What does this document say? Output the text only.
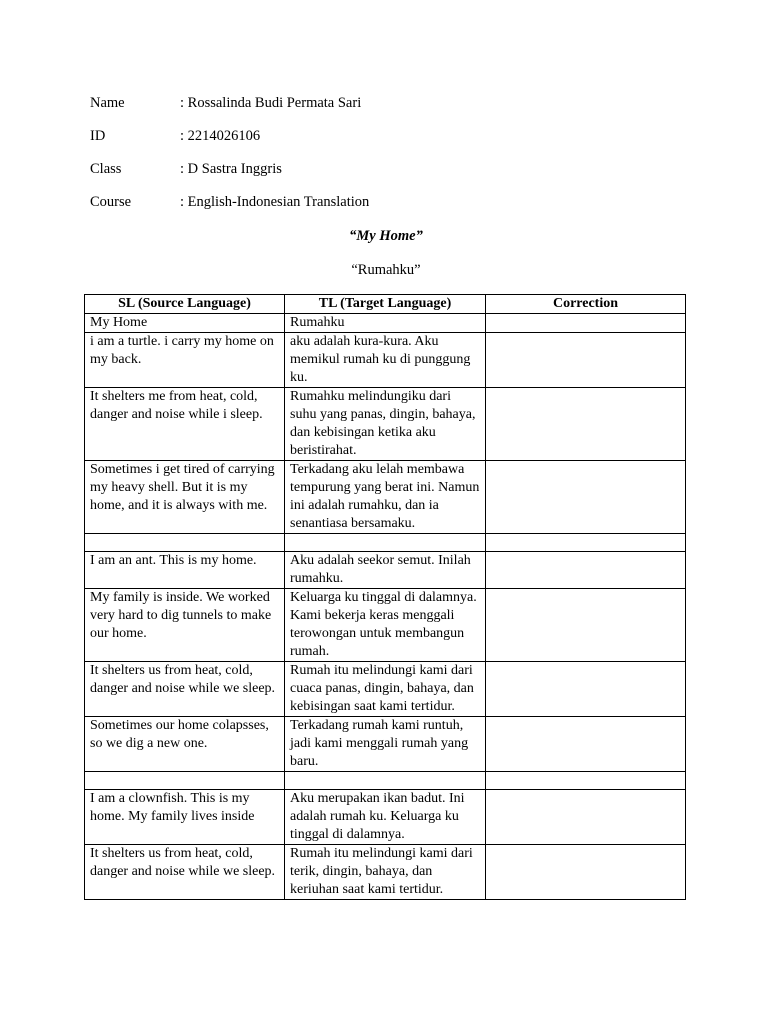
Name	: Rossalinda Budi Permata Sari
ID	: 2214026106
Class	: D Sastra Inggris
Course	: English-Indonesian Translation
“My Home”
“Rumahku”
SL (Source Language)	TL (Target Language)	Correction
My Home	Rumahku	
i am a turtle. i carry my home on my back.	aku adalah kura-kura. Aku memikul rumah ku di punggung ku.	
It shelters me from heat, cold, danger and noise while i sleep.	Rumahku melindungiku dari suhu yang panas, dingin, bahaya, dan kebisingan ketika aku beristirahat.	
Sometimes i get tired of carrying my heavy shell. But it is my home, and it is always with me.	Terkadang aku lelah membawa tempurung yang berat ini. Namun ini adalah rumahku, dan ia senantiasa bersamaku.	

I am an ant. This is my home.	Aku adalah seekor semut. Inilah rumahku.	
My family is inside. We worked very hard to dig tunnels to make our home.	Keluarga ku tinggal di dalamnya. Kami bekerja keras menggali terowongan untuk membangun rumah.	
It shelters us from heat, cold, danger and noise while we sleep.	Rumah itu melindungi kami dari cuaca panas, dingin, bahaya, dan kebisingan saat kami tertidur.	
Sometimes our home colapsses, so we dig a new one.	Terkadang rumah kami runtuh, jadi kami menggali rumah yang baru.	

I am a clownfish. This is my home. My family lives inside	Aku merupakan ikan badut. Ini adalah rumah ku. Keluarga ku tinggal di dalamnya.	
It shelters us from heat, cold, danger and noise while we sleep.	Rumah itu melindungi kami dari terik, dingin, bahaya, dan keriuhan saat kami tertidur.	
